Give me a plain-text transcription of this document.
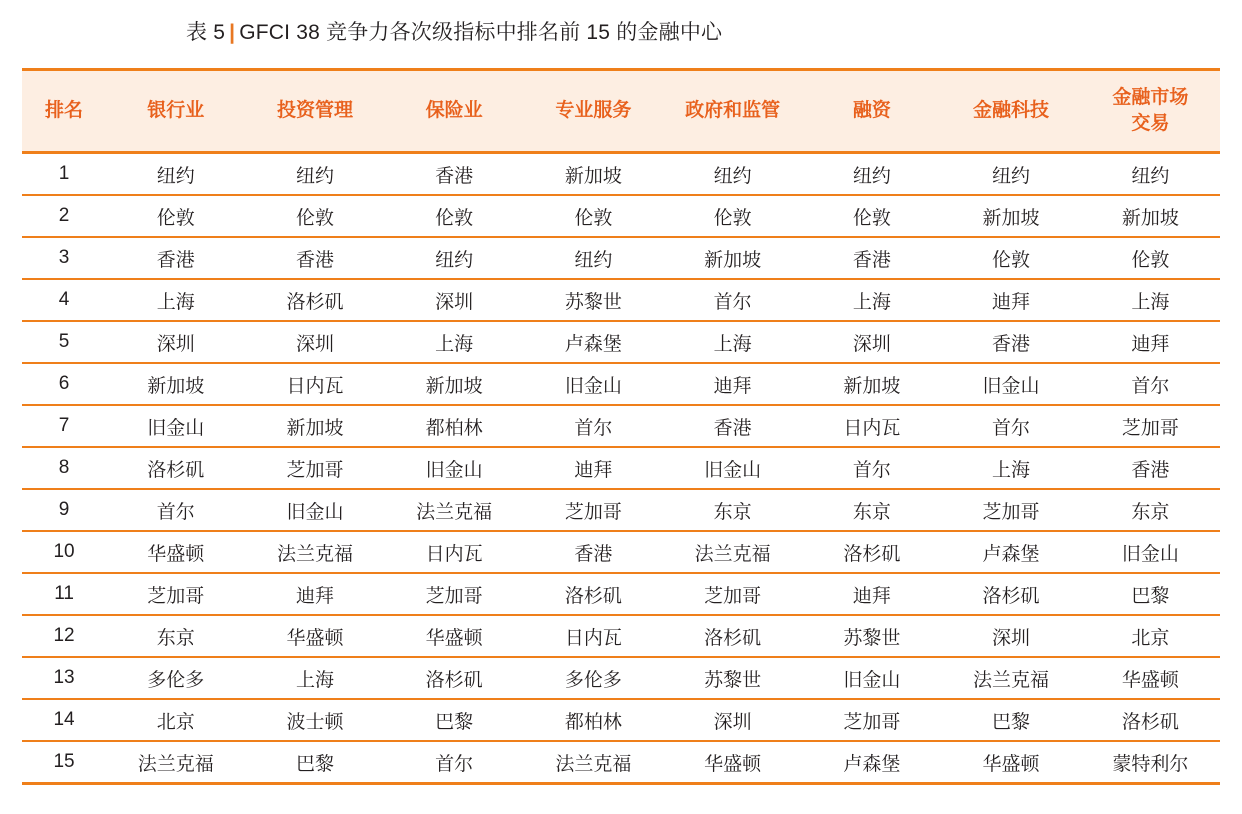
表 5 | GFCI 38 竞争力各次级指标中排名前 15 的金融中心
排名	银行业	投资管理	保险业	专业服务	政府和监管	融资	金融科技	金融市场
交易

1	纽约	纽约	香港	新加坡	纽约	纽约	纽约	纽约
2	伦敦	伦敦	伦敦	伦敦	伦敦	伦敦	新加坡	新加坡
3	香港	香港	纽约	纽约	新加坡	香港	伦敦	伦敦
4	上海	洛杉矶	深圳	苏黎世	首尔	上海	迪拜	上海
5	深圳	深圳	上海	卢森堡	上海	深圳	香港	迪拜
6	新加坡	日内瓦	新加坡	旧金山	迪拜	新加坡	旧金山	首尔
7	旧金山	新加坡	都柏林	首尔	香港	日内瓦	首尔	芝加哥
8	洛杉矶	芝加哥	旧金山	迪拜	旧金山	首尔	上海	香港
9	首尔	旧金山	法兰克福	芝加哥	东京	东京	芝加哥	东京
10	华盛顿	法兰克福	日内瓦	香港	法兰克福	洛杉矶	卢森堡	旧金山
11	芝加哥	迪拜	芝加哥	洛杉矶	芝加哥	迪拜	洛杉矶	巴黎
12	东京	华盛顿	华盛顿	日内瓦	洛杉矶	苏黎世	深圳	北京
13	多伦多	上海	洛杉矶	多伦多	苏黎世	旧金山	法兰克福	华盛顿
14	北京	波士顿	巴黎	都柏林	深圳	芝加哥	巴黎	洛杉矶
15	法兰克福	巴黎	首尔	法兰克福	华盛顿	卢森堡	华盛顿	蒙特利尔
